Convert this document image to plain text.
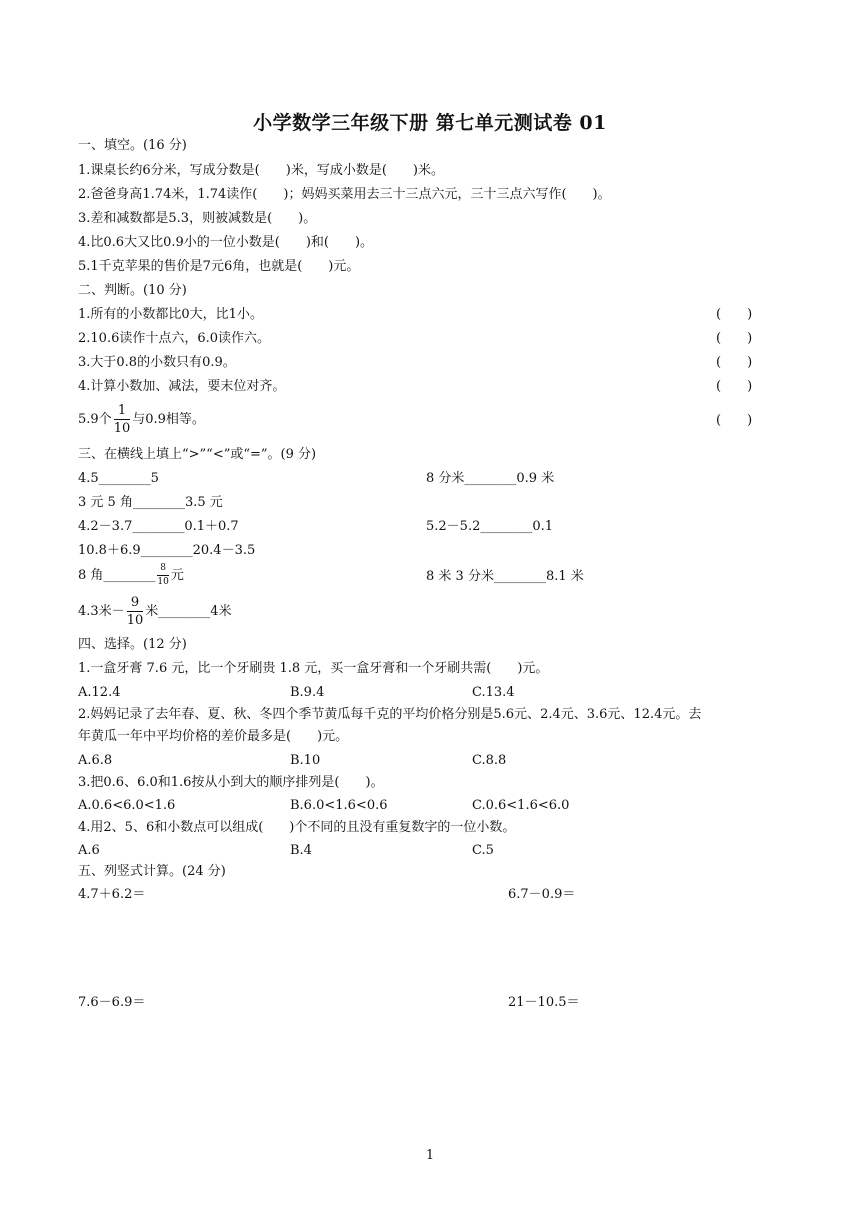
小学数学三年级下册 第七单元测试卷 01
一、填空。(16 分)
1.课桌长约6分米，写成分数是(　　)米，写成小数是(　　)米。
2.爸爸身高1.74米，1.74读作(　　)；妈妈买菜用去三十三点六元，三十三点六写作(　　)。
3.差和减数都是5.3，则被减数是(　　)。
4.比0.6大又比0.9小的一位小数是(　　)和(　　)。
5.1千克苹果的售价是7元6角，也就是(　　)元。
二、判断。(10 分)
1.所有的小数都比0大，比1小。	(　　)
2.10.6读作十点六，6.0读作六。	(　　)
3.大于0.8的小数只有0.9。	(　　)
4.计算小数加、减法，要末位对齐。	(　　)
5.9个 $\frac{1}{10}$ 与0.9相等。	(　　)
三、在横线上填上“>”“<”或“=”。(9 分)
4.5________5	8 分米________0.9 米
3 元 5 角________3.5 元
4.2－3.7________0.1＋0.7	5.2－5.2________0.1
10.8＋6.9________20.4－3.5
8 角________ $\frac{8}{10}$ 元	8 米 3 分米________8.1 米
4.3米－ $\frac{9}{10}$ 米________4米
四、选择。(12 分)
1.一盒牙膏 7.6 元，比一个牙刷贵 1.8 元，买一盒牙膏和一个牙刷共需(　　)元。
A.12.4	B.9.4	C.13.4
2.妈妈记录了去年春、夏、秋、冬四个季节黄瓜每千克的平均价格分别是5.6元、2.4元、3.6元、12.4元。去
年黄瓜一年中平均价格的差价最多是(　　)元。
A.6.8	B.10	C.8.8
3.把0.6、6.0和1.6按从小到大的顺序排列是(　　)。
A.0.6<6.0<1.6	B.6.0<1.6<0.6	C.0.6<1.6<6.0
4.用2、5、6和小数点可以组成(　　)个不同的且没有重复数字的一位小数。
A.6	B.4	C.5
五、列竖式计算。(24 分)
4.7＋6.2＝	6.7－0.9＝
7.6－6.9＝	21－10.5＝
1
